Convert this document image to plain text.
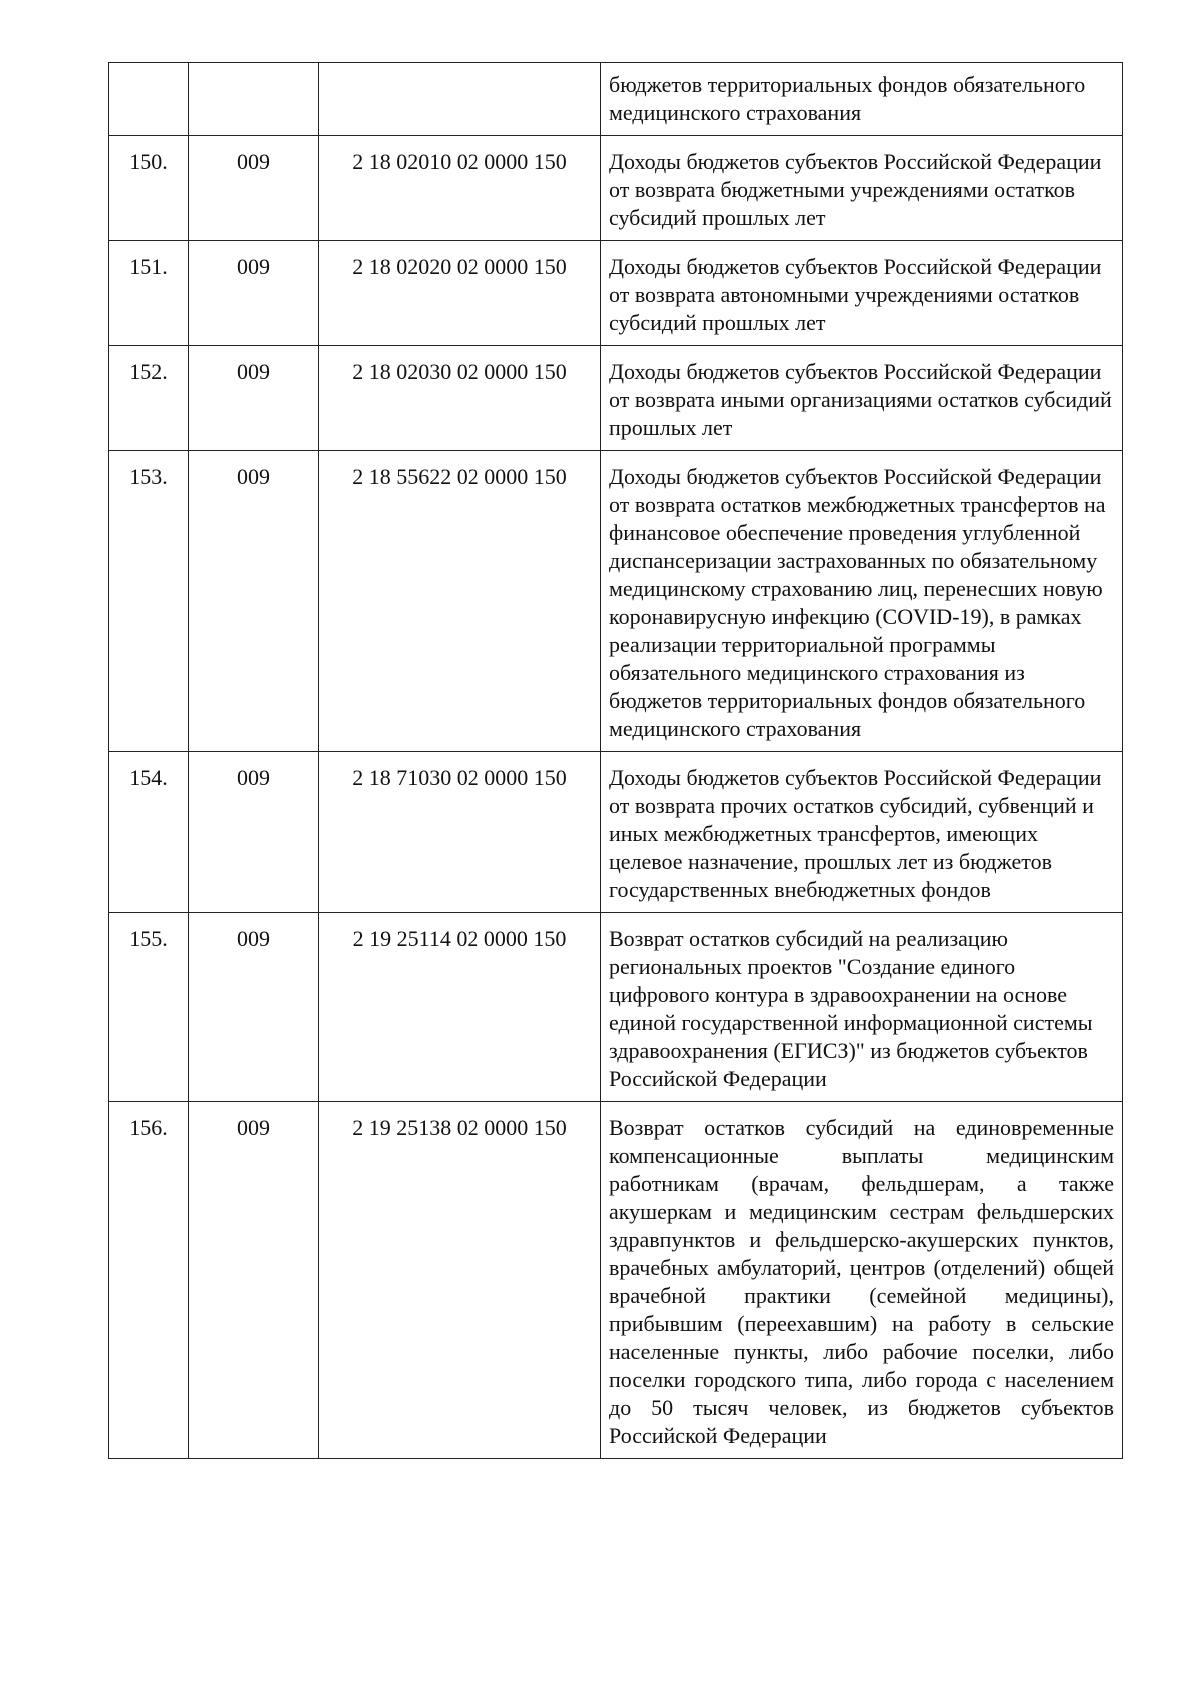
			бюджетов территориальных фондов обязательного медицинского страхования
150.	009	2 18 02010 02 0000 150	Доходы бюджетов субъектов Российской Федерации от возврата бюджетными учреждениями остатков субсидий прошлых лет
151.	009	2 18 02020 02 0000 150	Доходы бюджетов субъектов Российской Федерации от возврата автономными учреждениями остатков субсидий прошлых лет
152.	009	2 18 02030 02 0000 150	Доходы бюджетов субъектов Российской Федерации от возврата иными организациями остатков субсидий прошлых лет
153.	009	2 18 55622 02 0000 150	Доходы бюджетов субъектов Российской Федерации от возврата остатков межбюджетных трансфертов на финансовое обеспечение проведения углубленной диспансеризации застрахованных по обязательному медицинскому страхованию лиц, перенесших новую коронавирусную инфекцию (COVID-19), в рамках реализации территориальной программы обязательного медицинского страхования из бюджетов территориальных фондов обязательного медицинского страхования
154.	009	2 18 71030 02 0000 150	Доходы бюджетов субъектов Российской Федерации от возврата прочих остатков субсидий, субвенций и иных межбюджетных трансфертов, имеющих целевое назначение, прошлых лет из бюджетов государственных внебюджетных фондов
155.	009	2 19 25114 02 0000 150	Возврат остатков субсидий на реализацию региональных проектов "Создание единого цифрового контура в здравоохранении на основе единой государственной информационной системы здравоохранения (ЕГИСЗ)" из бюджетов субъектов Российской Федерации
156.	009	2 19 25138 02 0000 150	Возврат остатков субсидий на единовременные компенсационные выплаты медицинским работникам (врачам, фельдшерам, а также акушеркам и медицинским сестрам фельдшерских здравпунктов и фельдшерско-акушерских пунктов, врачебных амбулаторий, центров (отделений) общей врачебной практики (семейной медицины), прибывшим (переехавшим) на работу в сельские населенные пункты, либо рабочие поселки, либо поселки городского типа, либо города с населением до 50 тысяч человек, из бюджетов субъектов Российской Федерации
